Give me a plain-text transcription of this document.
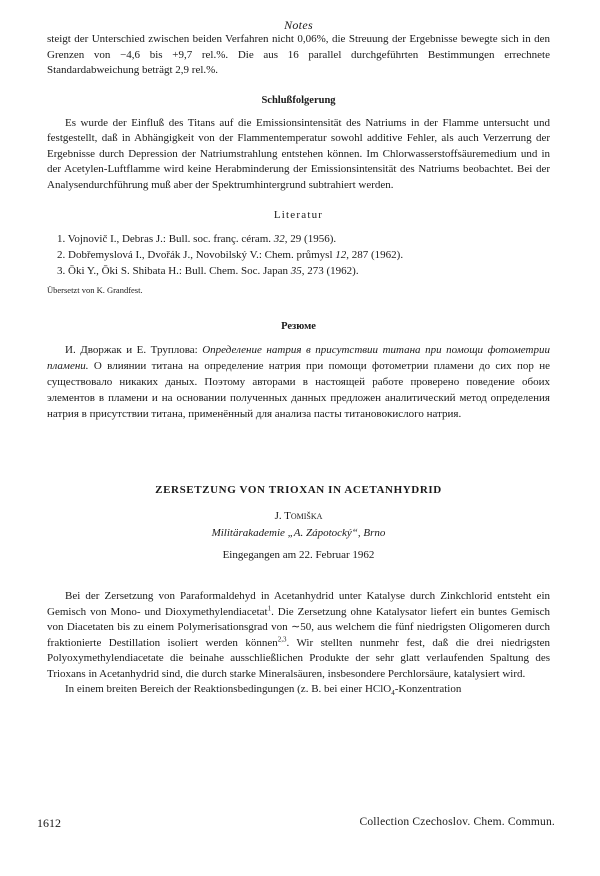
Notes

steigt der Unterschied zwischen beiden Verfahren nicht 0,06%, die Streuung der Ergebnisse bewegte sich in den Grenzen von −4,6 bis +9,7 rel.%. Die aus 16 parallel durchgeführten Bestimmungen errechnete Standardabweichung beträgt 2,9 rel.%.

Schlußfolgerung

Es wurde der Einfluß des Titans auf die Emissionsintensität des Natriums in der Flamme untersucht und festgestellt, daß in Abhängigkeit von der Flammentemperatur sowohl additive Fehler, als auch Verzerrung der Ergebnisse durch Depression der Natriumstrahlung entstehen können. Im Chlorwasserstoffsäuremedium und in der Acetylen-Luftflamme wird keine Herabminderung der Emissionsintensität des Natriums beobachtet. Bei der Analysendurchführung muß aber der Spektrumhintergrund subtrahiert werden.

Literatur
1. Vojnovič I., Debras J.: Bull. soc. franç. céram. 32, 29 (1956).
2. Dobřemyslová I., Dvořák J., Novobilský V.: Chem. průmysl 12, 287 (1962).
3. Ōki Y., Ōki S. Shibata H.: Bull. Chem. Soc. Japan 35, 273 (1962).
Übersetzt von K. Grandfest.
Резюме

И. Дворжак и Е. Труплова: Определение натрия в присутствии титана при помощи фотометрии пламени. О влиянии титана на определение натрия при помощи фотометрии пламени до сих пор не существовало никаких даных. Поэтому авторами в настоящей работе проверено поведение обоих элементов в пламени и на основании полученных данных предложен аналитический метод определения натрия в присутствии титана, применённый для анализа пасты титановокислого натрия.

ZERSETZUNG VON TRIOXAN IN ACETANHYDRID
J. Tomiška
Militärakademie „A. Zápotocký“, Brno
Eingegangen am 22. Februar 1962

Bei der Zersetzung von Paraformaldehyd in Acetanhydrid unter Katalyse durch Zinkchlorid entsteht ein Gemisch von Mono- und Dioxymethylendiacetat$^1$. Die Zersetzung ohne Katalysator liefert ein buntes Gemisch von Diacetaten bis zu einem Polymerisationsgrad von ∼50, aus welchem die fünf niedrigsten Oligomeren durch fraktionierte Destillation isoliert werden können$^{2,3}$. Wir stellten nunmehr fest, daß die drei niedrigsten Polyoxymethylendiacetate die beinahe ausschließlichen Produkte der sehr glatt verlaufenden Spaltung des Trioxans in Acetanhydrid sind, die durch starke Mineralsäuren, insbesondere Perchlorsäure, katalysiert wird.

In einem breiten Bereich der Reaktionsbedingungen (z. B. bei einer HClO$_4$-Konzentration

1612	Collection Czechoslov. Chem. Commun.
